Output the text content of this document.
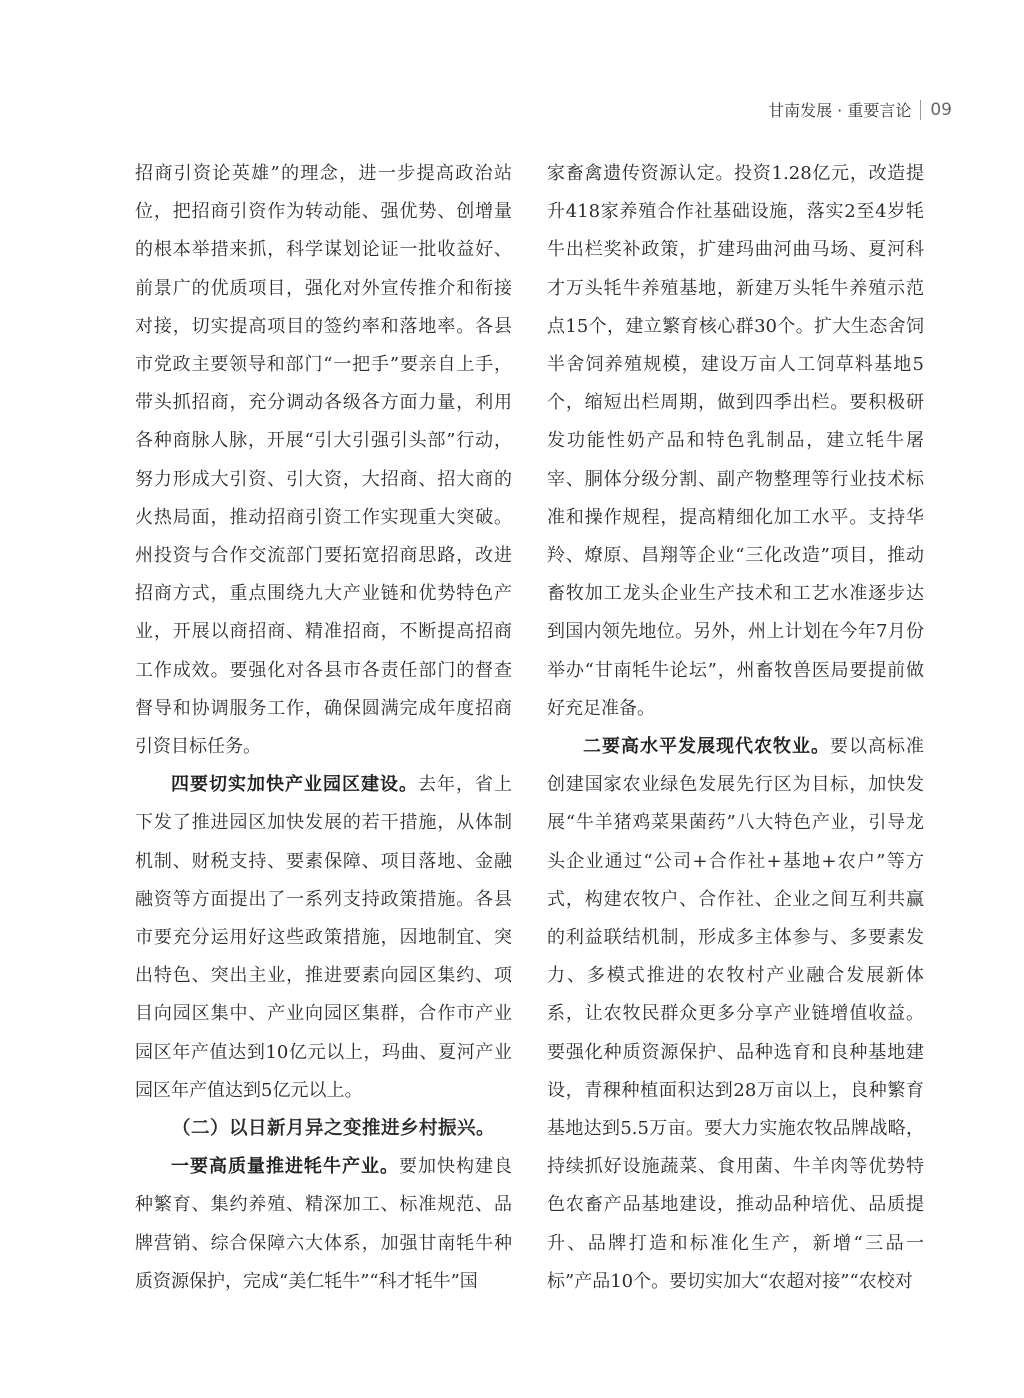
甘南发展 · 重要言论 09

招商引资论英雄”的理念，进一步提高政治站位，把招商引资作为转动能、强优势、创增量的根本举措来抓，科学谋划论证一批收益好、前景广的优质项目，强化对外宣传推介和衔接对接，切实提高项目的签约率和落地率。各县市党政主要领导和部门“一把手”要亲自上手，带头抓招商，充分调动各级各方面力量，利用各种商脉人脉，开展“引大引强引头部”行动，努力形成大引资、引大资，大招商、招大商的火热局面，推动招商引资工作实现重大突破。州投资与合作交流部门要拓宽招商思路，改进招商方式，重点围绕九大产业链和优势特色产业，开展以商招商、精准招商，不断提高招商工作成效。要强化对各县市各责任部门的督查督导和协调服务工作，确保圆满完成年度招商引资目标任务。

四要切实加快产业园区建设。去年，省上下发了推进园区加快发展的若干措施，从体制机制、财税支持、要素保障、项目落地、金融融资等方面提出了一系列支持政策措施。各县市要充分运用好这些政策措施，因地制宜、突出特色、突出主业，推进要素向园区集约、项目向园区集中、产业向园区集群，合作市产业园区年产值达到10亿元以上，玛曲、夏河产业园区年产值达到5亿元以上。

（二）以日新月异之变推进乡村振兴。

一要高质量推进牦牛产业。要加快构建良种繁育、集约养殖、精深加工、标准规范、品牌营销、综合保障六大体系，加强甘南牦牛种质资源保护，完成“美仁牦牛”“科才牦牛”国

家畜禽遗传资源认定。投资1.28亿元，改造提升418家养殖合作社基础设施，落实2至4岁牦牛出栏奖补政策，扩建玛曲河曲马场、夏河科才万头牦牛养殖基地，新建万头牦牛养殖示范点15个，建立繁育核心群30个。扩大生态舍饲半舍饲养殖规模，建设万亩人工饲草料基地5个，缩短出栏周期，做到四季出栏。要积极研发功能性奶产品和特色乳制品，建立牦牛屠宰、胴体分级分割、副产物整理等行业技术标准和操作规程，提高精细化加工水平。支持华羚、燎原、昌翔等企业“三化改造”项目，推动畜牧加工龙头企业生产技术和工艺水准逐步达到国内领先地位。另外，州上计划在今年7月份举办“甘南牦牛论坛”，州畜牧兽医局要提前做好充足准备。

二要高水平发展现代农牧业。要以高标准创建国家农业绿色发展先行区为目标，加快发展“牛羊猪鸡菜果菌药”八大特色产业，引导龙头企业通过“公司+合作社+基地+农户”等方式，构建农牧户、合作社、企业之间互利共赢的利益联结机制，形成多主体参与、多要素发力、多模式推进的农牧村产业融合发展新体系，让农牧民群众更多分享产业链增值收益。要强化种质资源保护、品种选育和良种基地建设，青稞种植面积达到28万亩以上，良种繁育基地达到5.5万亩。要大力实施农牧品牌战略，持续抓好设施蔬菜、食用菌、牛羊肉等优势特色农畜产品基地建设，推动品种培优、品质提升、品牌打造和标准化生产，新增“三品一标”产品10个。要切实加大“农超对接”“农校对
